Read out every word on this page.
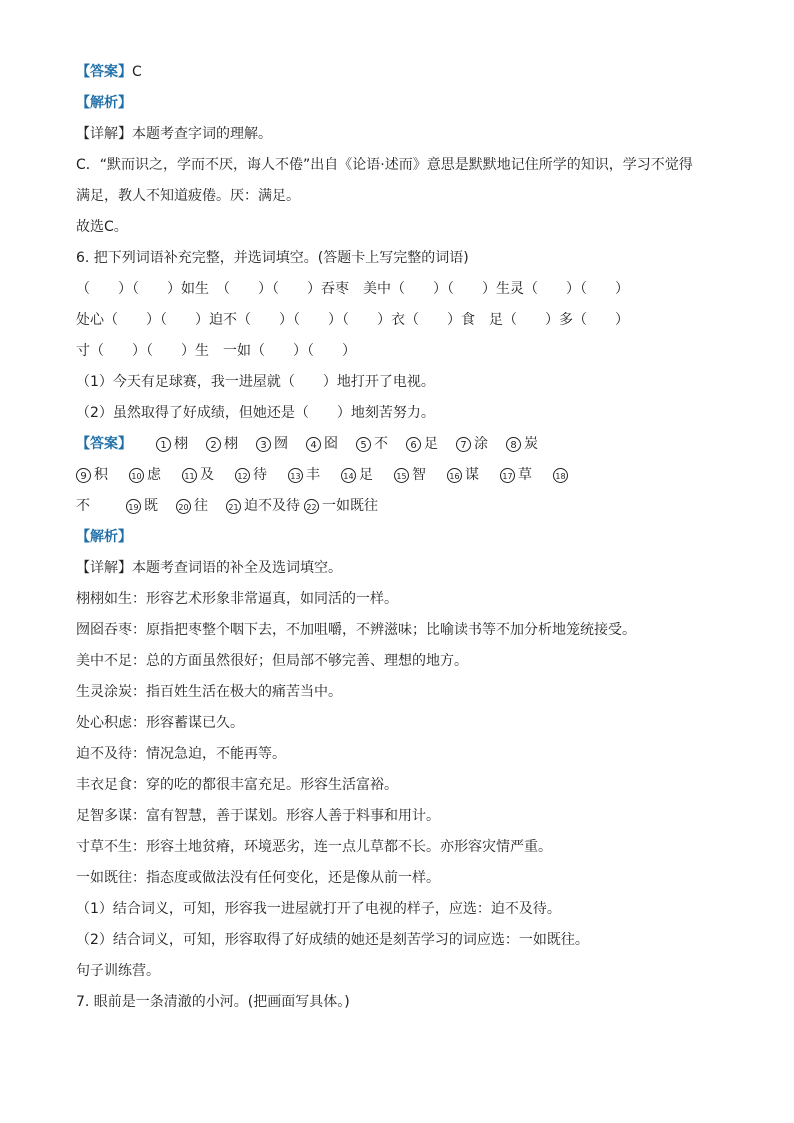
【答案】C
【解析】
【详解】本题考查字词的理解。
C．“默而识之，学而不厌，诲人不倦”出自《论语·述而》意思是默默地记住所学的知识，学习不觉得
满足，教人不知道疲倦。厌：满足。
故选C。
6. 把下列词语补充完整，并选词填空。(答题卡上写完整的词语)
（　　）（　　）如生　（　　）（　　）吞枣　美中（　　）（　　）生灵（　　）（　　）
处心（　　）（　　）迫不（　　）（　　）（　　）衣（　　）食　足（　　）多（　　）
寸（　　）（　　）生　一如（　　）（　　）
（1）今天有足球赛，我一进屋就（　　）地打开了电视。
（2）虽然取得了好成绩，但她还是（　　）地刻苦努力。
【答案】	1 栩	2 栩	3 囫	4 囵	5 不	6 足	7 涂	8 炭
9 积	10 虑	11 及	12 待	13 丰	14 足	15 智	16 谋	17 草	18
不	19 既	20 往	21 迫不及待 22 一如既往
【解析】
【详解】本题考查词语的补全及选词填空。
栩栩如生：形容艺术形象非常逼真，如同活的一样。
囫囵吞枣：原指把枣整个咽下去，不加咀嚼，不辨滋味；比喻读书等不加分析地笼统接受。
美中不足：总的方面虽然很好；但局部不够完善、理想的地方。
生灵涂炭：指百姓生活在极大的痛苦当中。
处心积虑：形容蓄谋已久。
迫不及待：情况急迫，不能再等。
丰衣足食：穿的吃的都很丰富充足。形容生活富裕。
足智多谋：富有智慧，善于谋划。形容人善于料事和用计。
寸草不生：形容土地贫瘠，环境恶劣，连一点儿草都不长。亦形容灾情严重。
一如既往：指态度或做法没有任何变化，还是像从前一样。
（1）结合词义，可知，形容我一进屋就打开了电视的样子，应选：迫不及待。
（2）结合词义，可知，形容取得了好成绩的她还是刻苦学习的词应选：一如既往。
句子训练营。
7. 眼前是一条清澈的小河。(把画面写具体。)
